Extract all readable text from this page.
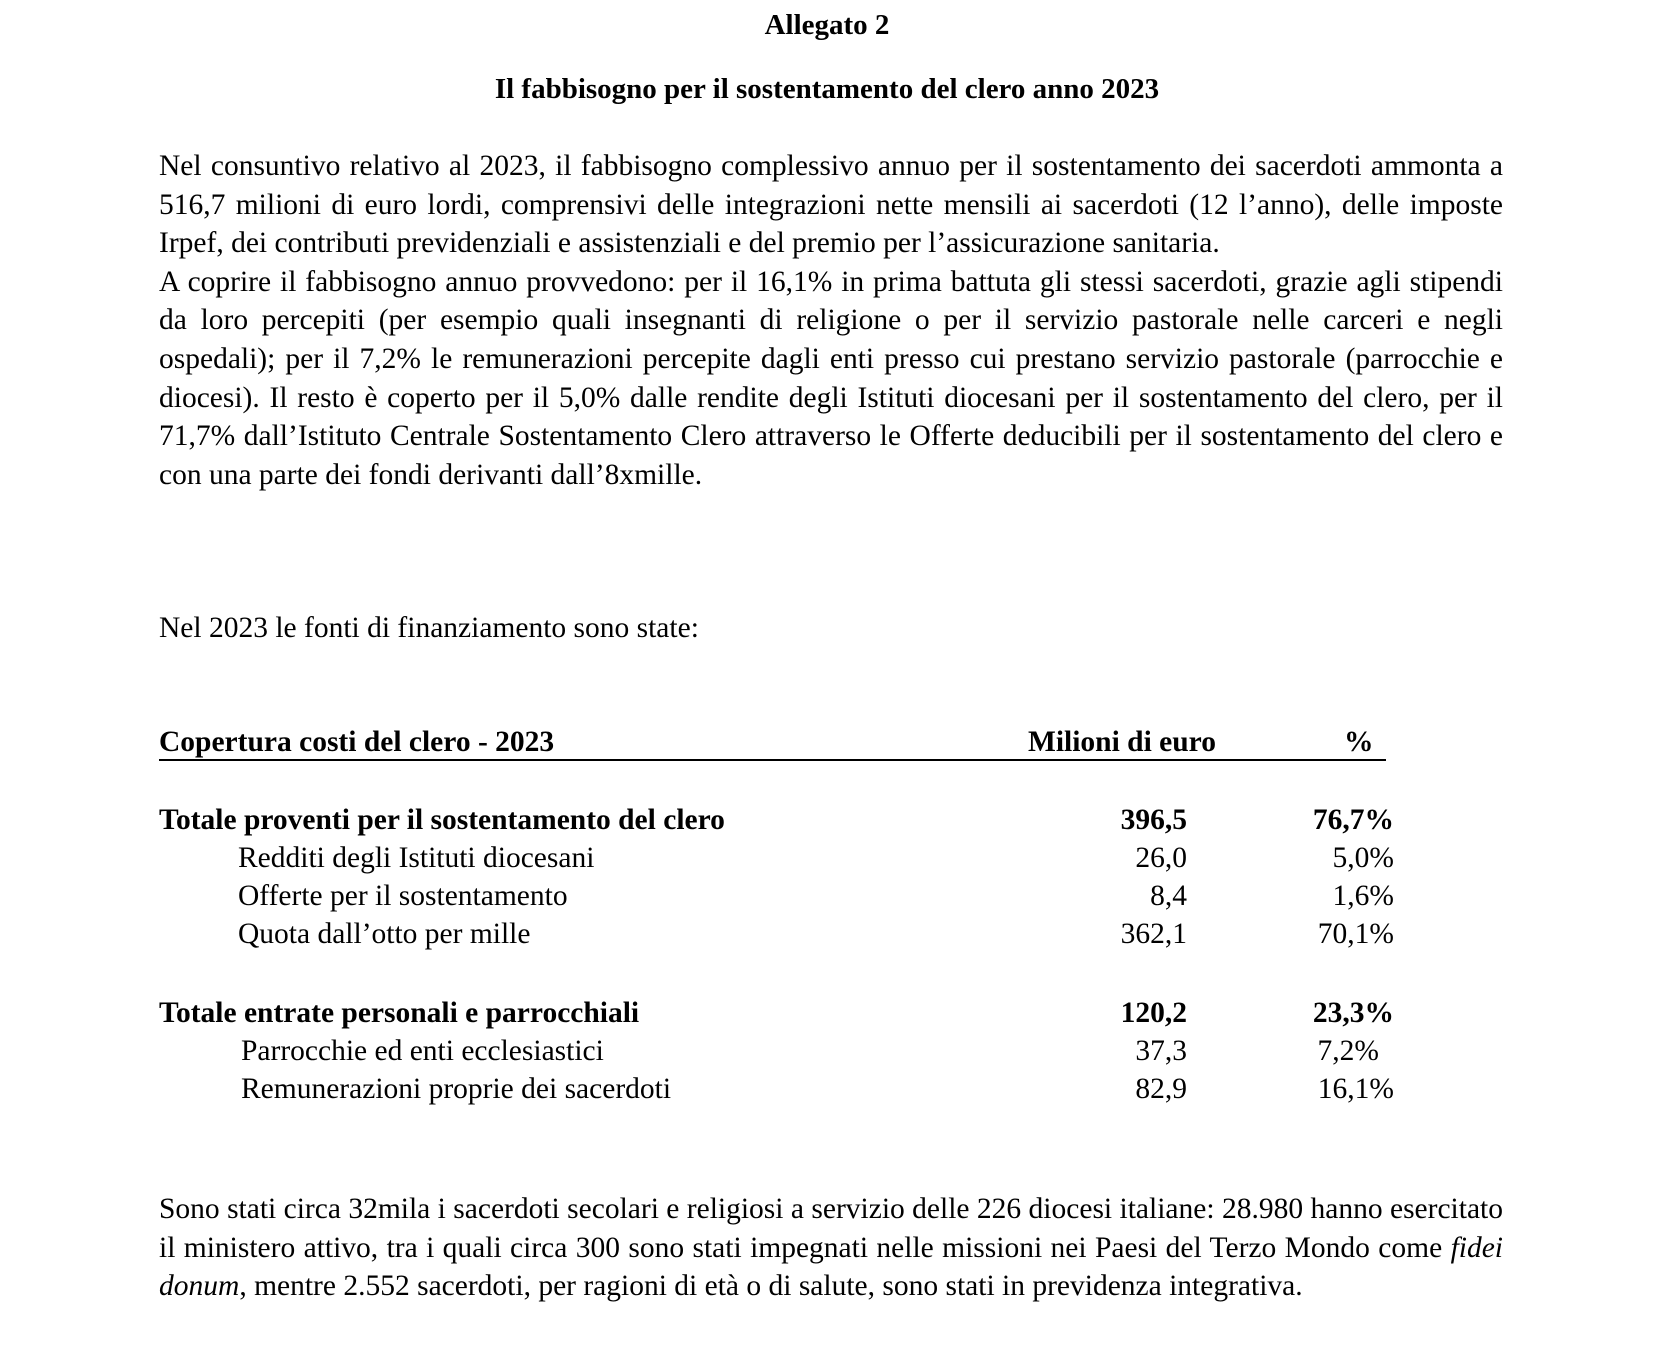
Allegato 2
Il fabbisogno per il sostentamento del clero anno 2023

Nel consuntivo relativo al 2023, il fabbisogno complessivo annuo per il sostentamento dei sacerdoti ammonta a 516,7 milioni di euro lordi, comprensivi delle integrazioni nette mensili ai sacerdoti (12 l’anno), delle imposte Irpef, dei contributi previdenziali e assistenziali e del premio per l’assicurazione sanitaria.

A coprire il fabbisogno annuo provvedono: per il 16,1% in prima battuta gli stessi sacerdoti, grazie agli stipendi da loro percepiti (per esempio quali insegnanti di religione o per il servizio pastorale nelle carceri e negli ospedali); per il 7,2% le remunerazioni percepite dagli enti presso cui prestano servizio pastorale (parrocchie e diocesi). Il resto è coperto per il 5,0% dalle rendite degli Istituti diocesani per il sostentamento del clero, per il 71,7% dall’Istituto Centrale Sostentamento Clero attraverso le Offerte deducibili per il sostentamento del clero e con una parte dei fondi derivanti dall’8xmille.

Nel 2023 le fonti di finanziamento sono state:

Copertura costi del clero - 2023	Milioni di euro	%
Totale proventi per il sostentamento del clero	396,5	76,7%
Redditi degli Istituti diocesani	26,0	5,0%
Offerte per il sostentamento	8,4	1,6%
Quota dall’otto per mille	362,1	70,1%
Totale entrate personali e parrocchiali	120,2	23,3%
Parrocchie ed enti ecclesiastici	37,3	7,2%
Remunerazioni proprie dei sacerdoti	82,9	16,1%

Sono stati circa 32mila i sacerdoti secolari e religiosi a servizio delle 226 diocesi italiane: 28.980 hanno esercitato il ministero attivo, tra i quali circa 300 sono stati impegnati nelle missioni nei Paesi del Terzo Mondo come fidei donum, mentre 2.552 sacerdoti, per ragioni di età o di salute, sono stati in previdenza integrativa.
